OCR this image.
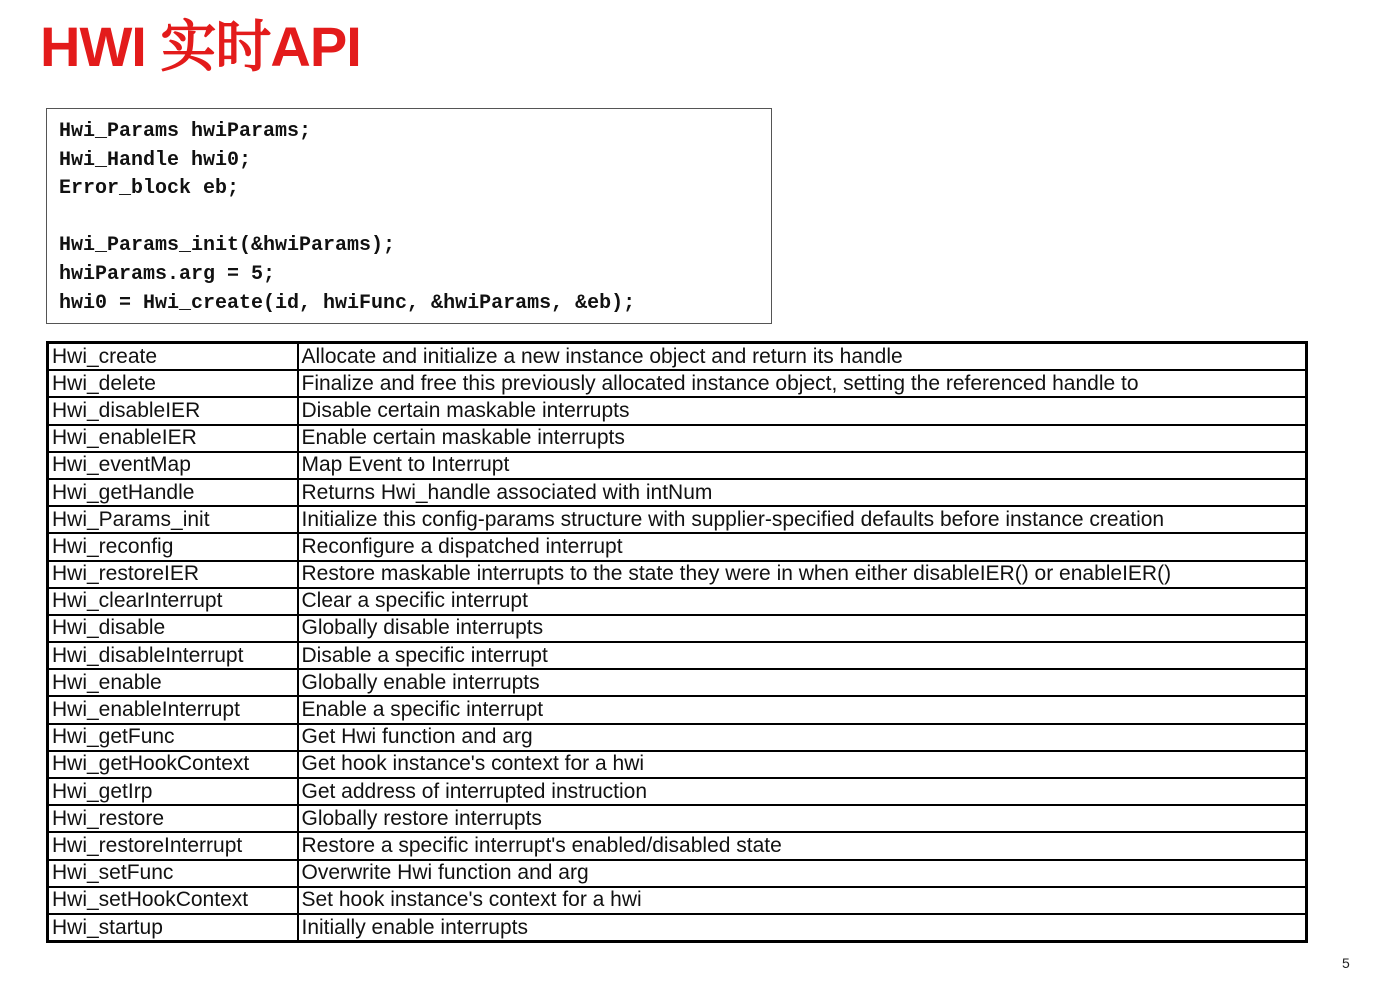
HWI 实时API
Hwi_Params hwiParams;
Hwi_Handle hwi0;
Error_block eb;
Hwi_Params_init(&hwiParams);
hwiParams.arg = 5;
hwi0 = Hwi_create(id, hwiFunc, &hwiParams, &eb);
Hwi_create	Allocate and initialize a new instance object and return its handle
Hwi_delete	Finalize and free this previously allocated instance object, setting the referenced handle to
Hwi_disableIER	Disable certain maskable interrupts
Hwi_enableIER	Enable certain maskable interrupts
Hwi_eventMap	Map Event to Interrupt
Hwi_getHandle	Returns Hwi_handle associated with intNum
Hwi_Params_init	Initialize this config-params structure with supplier-specified defaults before instance creation
Hwi_reconfig	Reconfigure a dispatched interrupt
Hwi_restoreIER	Restore maskable interrupts to the state they were in when either disableIER() or enableIER()
Hwi_clearInterrupt	Clear a specific interrupt
Hwi_disable	Globally disable interrupts
Hwi_disableInterrupt	Disable a specific interrupt
Hwi_enable	Globally enable interrupts
Hwi_enableInterrupt	Enable a specific interrupt
Hwi_getFunc	Get Hwi function and arg
Hwi_getHookContext	Get hook instance's context for a hwi
Hwi_getIrp	Get address of interrupted instruction
Hwi_restore	Globally restore interrupts
Hwi_restoreInterrupt	Restore a specific interrupt's enabled/disabled state
Hwi_setFunc	Overwrite Hwi function and arg
Hwi_setHookContext	Set hook instance's context for a hwi
Hwi_startup	Initially enable interrupts
5
